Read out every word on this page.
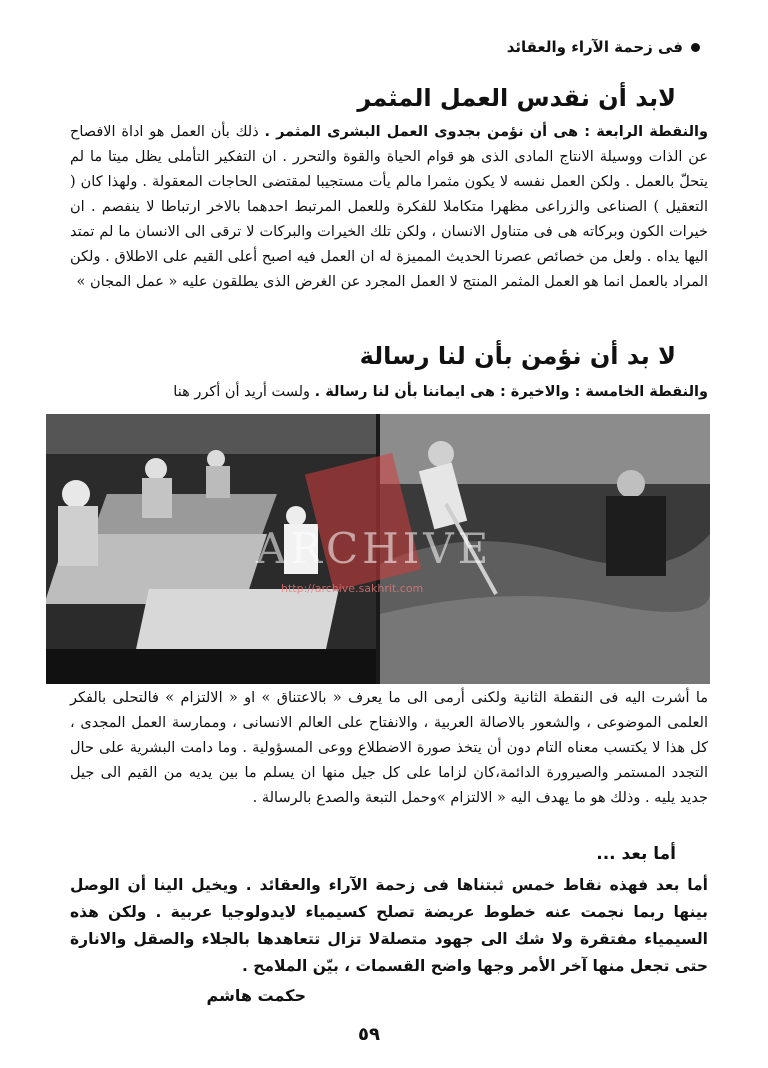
فى زحمة الآراء والعقائد
لابد أن نقدس العمل المثمر
والنقطة الرابعة : هى أن نؤمن بجدوى العمل البشرى المثمر . ذلك بأن العمل هو اداة الافصاح عن الذات ووسيلة الانتاج المادى الذى هو قوام الحياة والقوة والتحرر . ان التفكير التأملى يظل ميتا ما لم يتحلّ بالعمل . ولكن العمل نفسه لا يكون مثمرا مالم يأت مستجيبا لمقتضى الحاجات المعقولة . ولهذا كان ( التعقيل ) الصناعى والزراعى مظهرا متكاملا للفكرة وللعمل المرتبط احدهما بالاخر ارتباطا لا ينفصم . ان خيرات الكون وبركاته هى فى متناول الانسان ، ولكن تلك الخيرات والبركات لا ترقى الى الانسان ما لم تمتد اليها يداه . ولعل من خصائص عصرنا الحديث المميزة له ان العمل فيه اصبح أعلى القيم على الاطلاق . ولكن المراد بالعمل انما هو العمل المثمر المنتج لا العمل المجرد عن الغرض الذى يطلقون عليه « عمل المجان »
لا بد أن نؤمن بأن لنا رسالة
والنقطة الخامسة : والاخيرة : هى ايماننا بأن لنا رسالة . ولست أريد أن أكرر هنا
ARCHIVE
http://archive.sakhrit.com
ما أشرت اليه فى النقطة الثانية ولكنى أرمى الى ما يعرف « بالاعتناق » او « الالتزام » فالتحلى بالفكر العلمى الموضوعى ، والشعور بالاصالة العربية ، والانفتاح على العالم الانسانى ، وممارسة العمل المجدى ، كل هذا لا يكتسب معناه التام دون أن يتخذ صورة الاضطلاع ووعى المسؤولية . وما دامت البشرية على حال التجدد المستمر والصيرورة الدائمة،كان لزاما على كل جيل منها ان يسلم ما بين يديه من القيم الى جيل جديد يليه . وذلك هو ما يهدف اليه « الالتزام »وحمل التبعة والصدع بالرسالة .
أما بعد ...
أما بعد فهذه نقاط خمس ثبتناها فى زحمة الآراء والعقائد . ويخيل الينا أن الوصل بينها ربما نجمت عنه خطوط عريضة تصلح كسيمياء لايدولوجيا عربية . ولكن هذه السيمياء مفتقرة ولا شك الى جهود متصلةلا تزال تتعاهدها بالجلاء والصقل والانارة حتى تجعل منها آخر الأمر وجها واضح القسمات ، بيّن الملامح .
حكمت هاشم
٥٩
